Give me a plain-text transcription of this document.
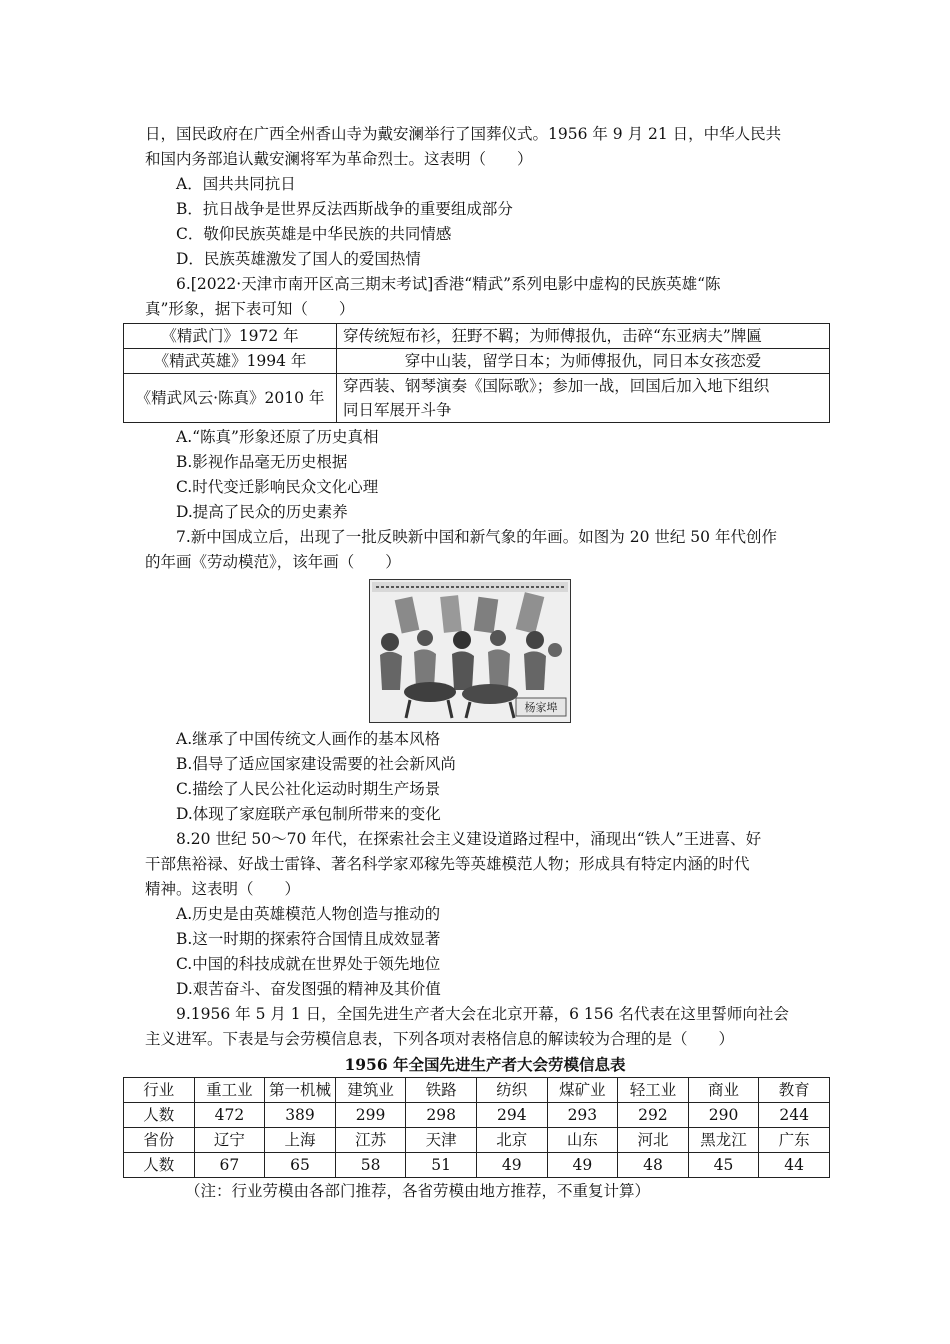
日，国民政府在广西全州香山寺为戴安澜举行了国葬仪式。1956 年 9 月 21 日，中华人民共
和国内务部追认戴安澜将军为革命烈士。这表明（　　）
A．国共共同抗日
B．抗日战争是世界反法西斯战争的重要组成部分
C．敬仰民族英雄是中华民族的共同情感
D．民族英雄激发了国人的爱国热情
6.[2022·天津市南开区高三期末考试]香港“精武”系列电影中虚构的民族英雄“陈
真”形象，据下表可知（　　）
《精武门》1972 年	穿传统短布衫，狂野不羁；为师傅报仇，击碎“东亚病夫”牌匾
《精武英雄》1994 年	穿中山装，留学日本；为师傅报仇，同日本女孩恋爱
《精武风云·陈真》2010 年	穿西装、钢琴演奏《国际歌》；参加一战，回国后加入地下组织
同日军展开斗争
A.“陈真”形象还原了历史真相
B.影视作品毫无历史根据
C.时代变迁影响民众文化心理
D.提高了民众的历史素养
7.新中国成立后，出现了一批反映新中国和新气象的年画。如图为 20 世纪 50 年代创作
的年画《劳动模范》，该年画（　　）
杨家埠
A.继承了中国传统文人画作的基本风格
B.倡导了适应国家建设需要的社会新风尚
C.描绘了人民公社化运动时期生产场景
D.体现了家庭联产承包制所带来的变化
8.20 世纪 50～70 年代，在探索社会主义建设道路过程中，涌现出“铁人”王进喜、好
干部焦裕禄、好战士雷锋、著名科学家邓稼先等英雄模范人物；形成具有特定内涵的时代
精神。这表明（　　）
A.历史是由英雄模范人物创造与推动的
B.这一时期的探索符合国情且成效显著
C.中国的科技成就在世界处于领先地位
D.艰苦奋斗、奋发图强的精神及其价值
9.1956 年 5 月 1 日，全国先进生产者大会在北京开幕，6 156 名代表在这里誓师向社会
主义进军。下表是与会劳模信息表，下列各项对表格信息的解读较为合理的是（　　）
1956 年全国先进生产者大会劳模信息表
行业	重工业	第一机械	建筑业	铁路	纺织	煤矿业	轻工业	商业	教育
人数	472	389	299	298	294	293	292	290	244
省份	辽宁	上海	江苏	天津	北京	山东	河北	黑龙江	广东
人数	67	65	58	51	49	49	48	45	44
（注：行业劳模由各部门推荐，各省劳模由地方推荐，不重复计算）
